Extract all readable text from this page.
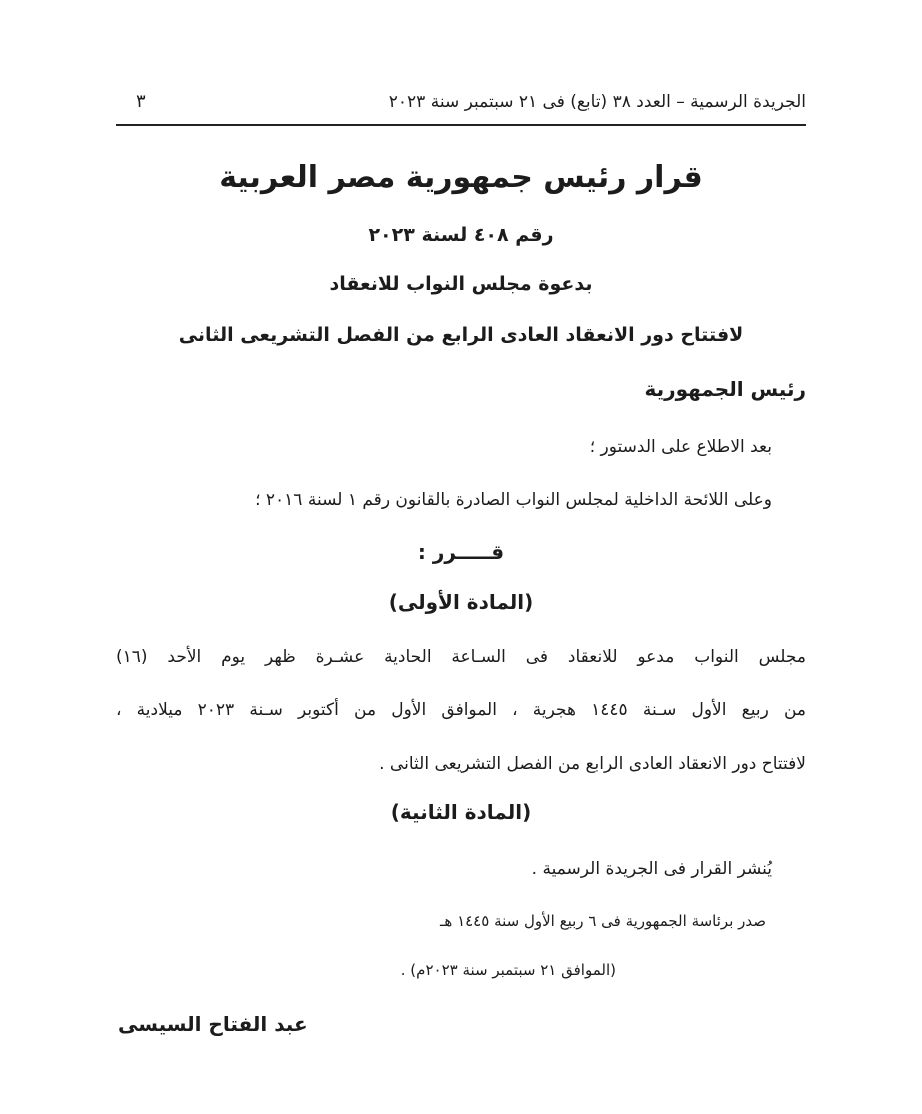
الجريدة الرسمية – العدد ٣٨ (تابع) فى ٢١ سبتمبر سنة ٢٠٢٣
٣
قرار رئيس جمهورية مصر العربية
رقم ٤٠٨ لسنة ٢٠٢٣
بدعوة مجلس النواب للانعقاد
لافتتاح دور الانعقاد العادى الرابع من الفصل التشريعى الثانى
رئيس الجمهورية
بعد الاطلاع على الدستور ؛
وعلى اللائحة الداخلية لمجلس النواب الصادرة بالقانون رقم ١ لسنة ٢٠١٦ ؛
قـــــرر :
(المادة الأولى)
مجلس النواب مدعو للانعقاد فى السـاعة الحادية عشـرة ظهر يوم الأحد (١٦)
من ربيع الأول سـنة ١٤٤٥ هجرية ، الموافق الأول من أكتوبر سـنة ٢٠٢٣ ميلادية ،
لافتتاح دور الانعقاد العادى الرابع من الفصل التشريعى الثانى .
(المادة الثانية)
يُنشر القرار فى الجريدة الرسمية .
صدر برئاسة الجمهورية فى ٦ ربيع الأول سنة ١٤٤٥ هـ
(الموافق ٢١ سبتمبر سنة ٢٠٢٣م) .
عبد الفتاح السيسى
